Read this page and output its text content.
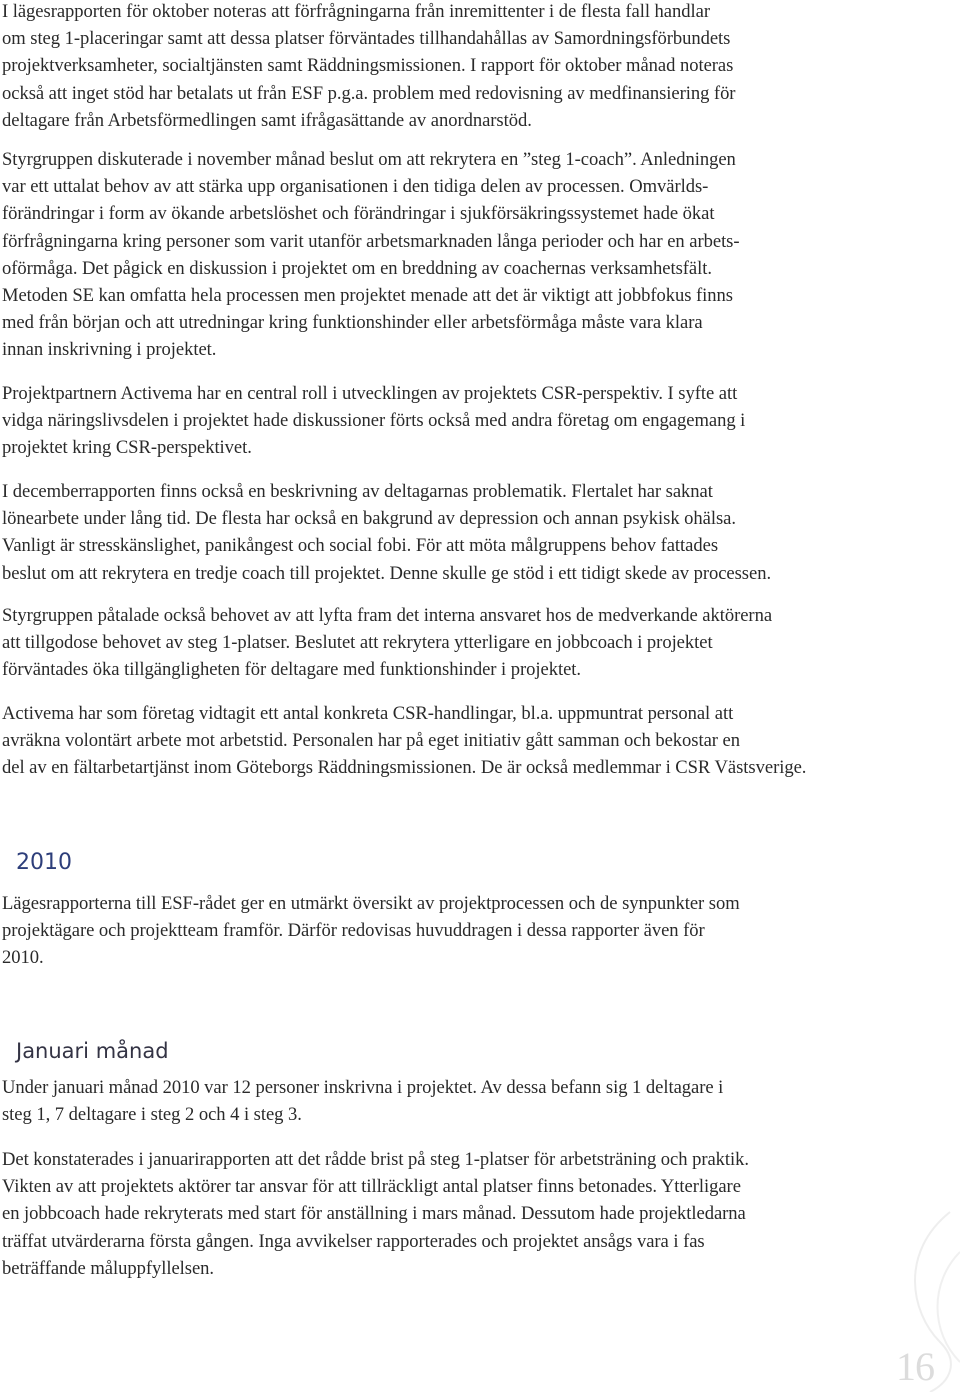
I lägesrapporten för oktober noteras att förfrågningarna från inremittenter i de flesta fall handlar
om steg 1-placeringar samt att dessa platser förväntades tillhandahållas av Samordningsförbundets
projektverksamheter, socialtjänsten samt Räddningsmissionen. I rapport för oktober månad noteras
också att inget stöd har betalats ut från ESF p.g.a. problem med redovisning av medfinansiering för
deltagare från Arbetsförmedlingen samt ifrågasättande av anordnarstöd.
Styrgruppen diskuterade i november månad beslut om att rekrytera en ”steg 1-coach”. Anledningen
var ett uttalat behov av att stärka upp organisationen i den tidiga delen av processen. Omvärlds-
förändringar i form av ökande arbetslöshet och förändringar i sjukförsäkringssystemet hade ökat
förfrågningarna kring personer som varit utanför arbetsmarknaden långa perioder och har en arbets-
oförmåga. Det pågick en diskussion i projektet om en breddning av coachernas verksamhetsfält.
Metoden SE kan omfatta hela processen men projektet menade att det är viktigt att jobbfokus finns
med från början och att utredningar kring funktionshinder eller arbetsförmåga måste vara klara
innan inskrivning i projektet.
Projektpartnern Activema har en central roll i utvecklingen av projektets CSR-perspektiv. I syfte att
vidga näringslivsdelen i projektet hade diskussioner förts också med andra företag om engagemang i
projektet kring CSR-perspektivet.
I decemberrapporten finns också en beskrivning av deltagarnas problematik. Flertalet har saknat
lönearbete under lång tid. De flesta har också en bakgrund av depression och annan psykisk ohälsa.
Vanligt är stresskänslighet, panikångest och social fobi. För att möta målgruppens behov fattades
beslut om att rekrytera en tredje coach till projektet. Denne skulle ge stöd i ett tidigt skede av processen.
Styrgruppen påtalade också behovet av att lyfta fram det interna ansvaret hos de medverkande aktörerna
att tillgodose behovet av steg 1-platser. Beslutet att rekrytera ytterligare en jobbcoach i projektet
förväntades öka tillgängligheten för deltagare med funktionshinder i projektet.
Activema har som företag vidtagit ett antal konkreta CSR-handlingar, bl.a. uppmuntrat personal att
avräkna volontärt arbete mot arbetstid. Personalen har på eget initiativ gått samman och bekostar en
del av en fältarbetartjänst inom Göteborgs Räddningsmissionen. De är också medlemmar i CSR Västsverige.
2010
Lägesrapporterna till ESF-rådet ger en utmärkt översikt av projektprocessen och de synpunkter som
projektägare och projektteam framför. Därför redovisas huvuddragen i dessa rapporter även för
2010.
Januari månad
Under januari månad 2010 var 12 personer inskrivna i projektet. Av dessa befann sig 1 deltagare i
steg 1, 7 deltagare i steg 2 och 4 i steg 3.
Det konstaterades i januarirapporten att det rådde brist på steg 1-platser för arbetsträning och praktik.
Vikten av att projektets aktörer tar ansvar för att tillräckligt antal platser finns betonades. Ytterligare
en jobbcoach hade rekryterats med start för anställning i mars månad. Dessutom hade projektledarna
träffat utvärderarna första gången. Inga avvikelser rapporterades och projektet ansågs vara i fas
beträffande måluppfyllelsen.
16
